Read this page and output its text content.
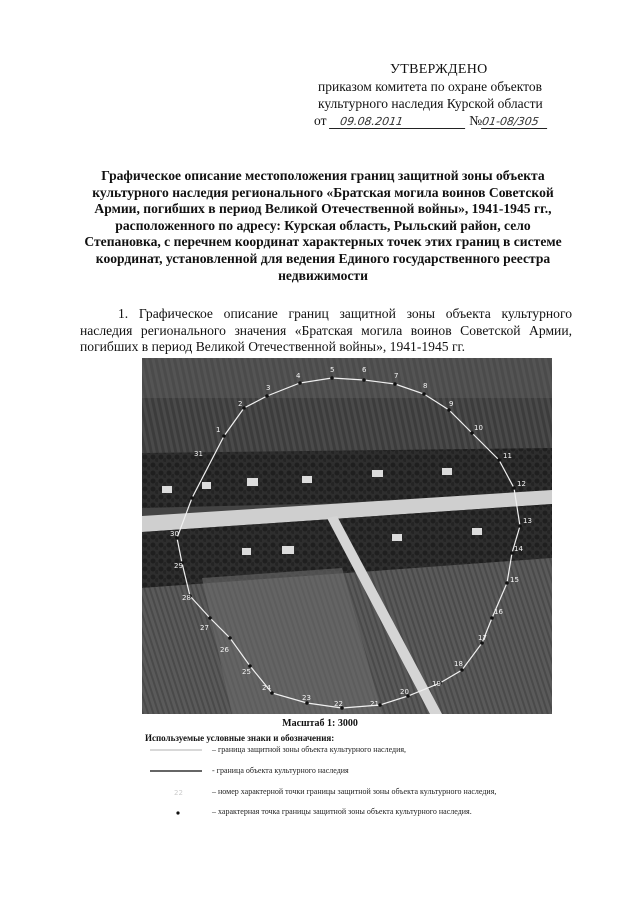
УТВЕРЖДЕНО
приказом комитета по охране объектов
культурного наследия Курской области
от 09.08.2011	№01-08/305
Графическое описание местоположения границ защитной зоны объекта культурного наследия регионального «Братская могила воинов Советской Армии, погибших в период Великой Отечественной войны», 1941-1945 гг., расположенного по адресу: Курская область, Рыльский район, село Степановка, с перечнем координат характерных точек этих границ в системе координат, установленной для ведения Единого государственного реестра недвижимости
1. Графическое описание границ защитной зоны объекта культурного наследия регионального значения «Братская могила воинов Советской Армии, погибших в период Великой Отечественной войны», 1941-1945 гг.
1
2
3
4
5	6
7
8
9
10
11
12
13
14
15
16
17
18
19
20
21
22
23
24
25
26
27
28
29
30
31
Масштаб 1: 3000
Используемые условные знаки и обозначения:
– граница защитной зоны объекта культурного наследия,
- граница объекта культурного наследия
22	– номер характерной точки границы защитной зоны объекта культурного наследия,
– характерная точка границы защитной зоны объекта культурного наследия.
